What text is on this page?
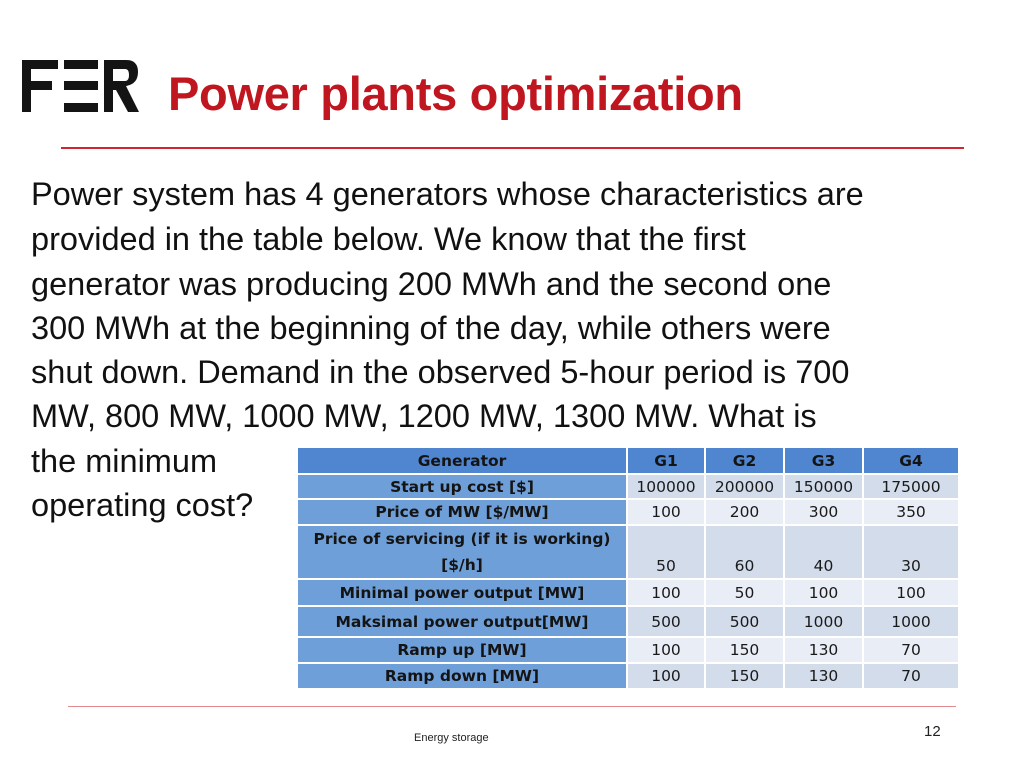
Power plants optimization
Power system has 4 generators whose characteristics are
provided in the table below. We know that the first
generator was producing 200 MWh and the second one
300 MWh at the beginning of the day, while others were
shut down. Demand in the observed 5-hour period is 700
MW, 800 MW, 1000 MW, 1200 MW, 1300 MW. What is
the minimum
operating cost?
Generator	G1	G2	G3	G4
Start up cost [$]	100000	200000	150000	175000
Price of MW [$/MW]	100	200	300	350
Price of servicing (if it is working) [$/h]	50	60	40	30
Minimal power output [MW]	100	50	100	100
Maksimal power output[MW]	500	500	1000	1000
Ramp up [MW]	100	150	130	70
Ramp down [MW]	100	150	130	70
Energy storage	12
